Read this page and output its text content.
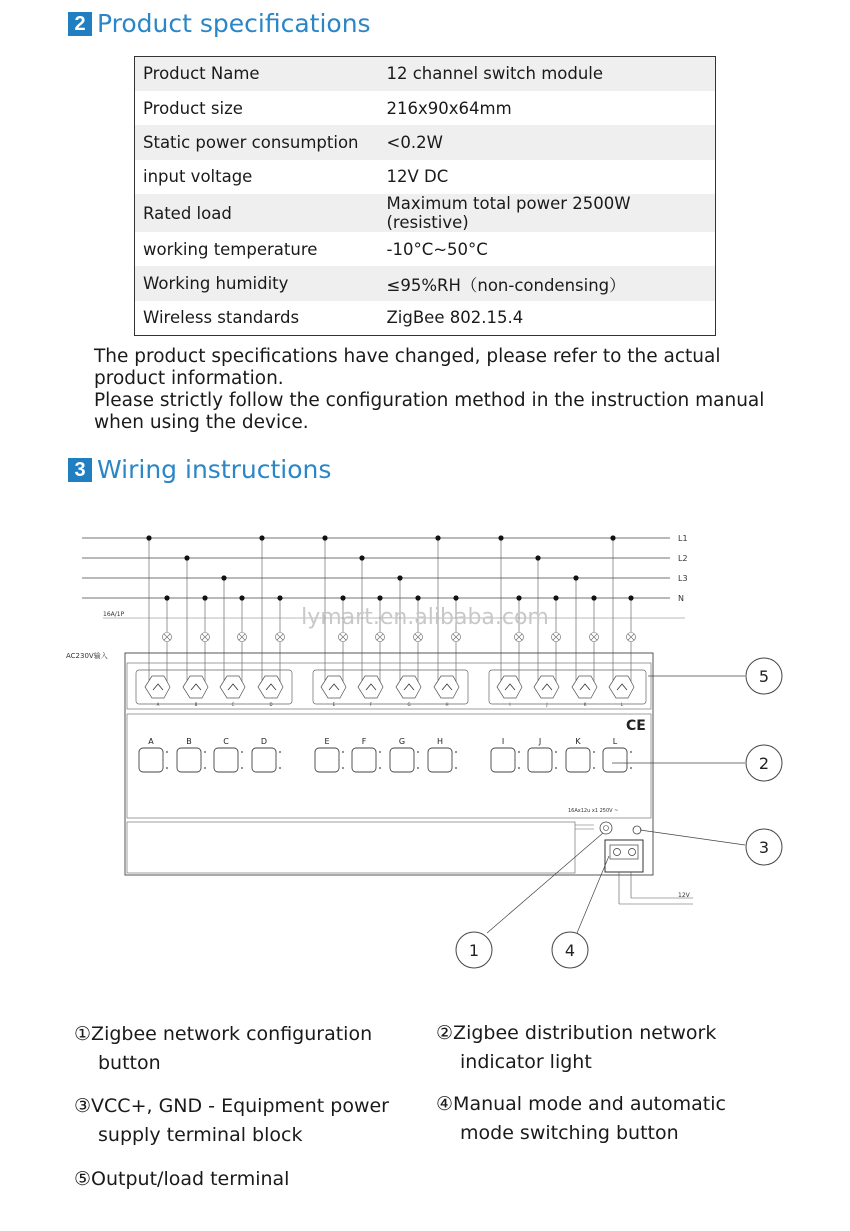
2 Product specifications
Product Name	12 channel switch module
Product size	216x90x64mm
Static power consumption	<0.2W
input voltage	12V DC
Rated load	Maximum total power 2500W (resistive)
working temperature	-10°C~50°C
Working humidity	≤95%RH（non-condensing）
Wireless standards	ZigBee 802.15.4

The product specifications have changed, please refer to the actual product information.

Please strictly follow the configuration method in the instruction manual when using the device.

3 Wiring instructions
L1
L2
L3
N
16A/1P
AC230V输入
lymart.en.alibaba.com
A	B	C	D	E	F	G	H	I	J	K	L
A	B	C	D	E	F	G	H	I	J	K	L
CE
16Ax12u x1 250V ~
12V
5
2
3
1	4
①Zigbee network configuration
button
②Zigbee distribution network
indicator light
③VCC+, GND - Equipment power
supply terminal block
④Manual mode and automatic
mode switching button
⑤Output/load terminal
